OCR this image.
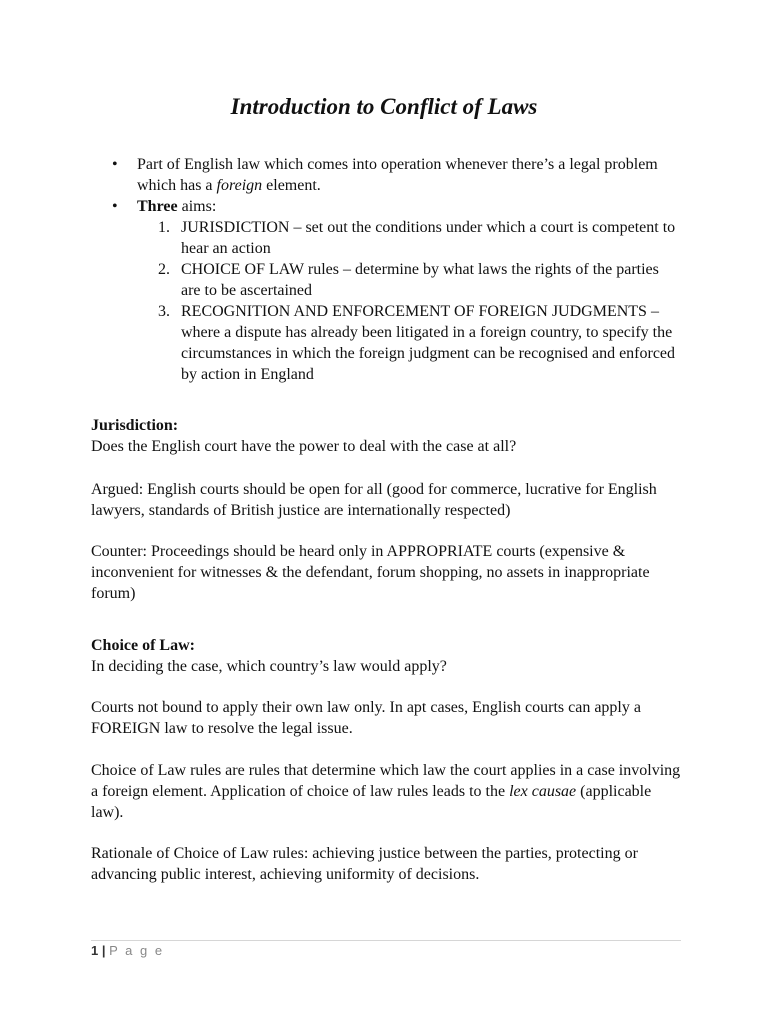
Introduction to Conflict of Laws
• Part of English law which comes into operation whenever there’s a legal problem which has a foreign element.
• Three aims:
1. JURISDICTION – set out the conditions under which a court is competent to hear an action
2. CHOICE OF LAW rules – determine by what laws the rights of the parties are to be ascertained
3. RECOGNITION AND ENFORCEMENT OF FOREIGN JUDGMENTS – where a dispute has already been litigated in a foreign country, to specify the circumstances in which the foreign judgment can be recognised and enforced by action in England
Jurisdiction:
Does the English court have the power to deal with the case at all?
Argued: English courts should be open for all (good for commerce, lucrative for English lawyers, standards of British justice are internationally respected)
Counter: Proceedings should be heard only in APPROPRIATE courts (expensive & inconvenient for witnesses & the defendant, forum shopping, no assets in inappropriate forum)
Choice of Law:
In deciding the case, which country’s law would apply?
Courts not bound to apply their own law only. In apt cases, English courts can apply a FOREIGN law to resolve the legal issue.
Choice of Law rules are rules that determine which law the court applies in a case involving a foreign element. Application of choice of law rules leads to the lex causae (applicable law).
Rationale of Choice of Law rules: achieving justice between the parties, protecting or advancing public interest, achieving uniformity of decisions.
1 | P a g e
